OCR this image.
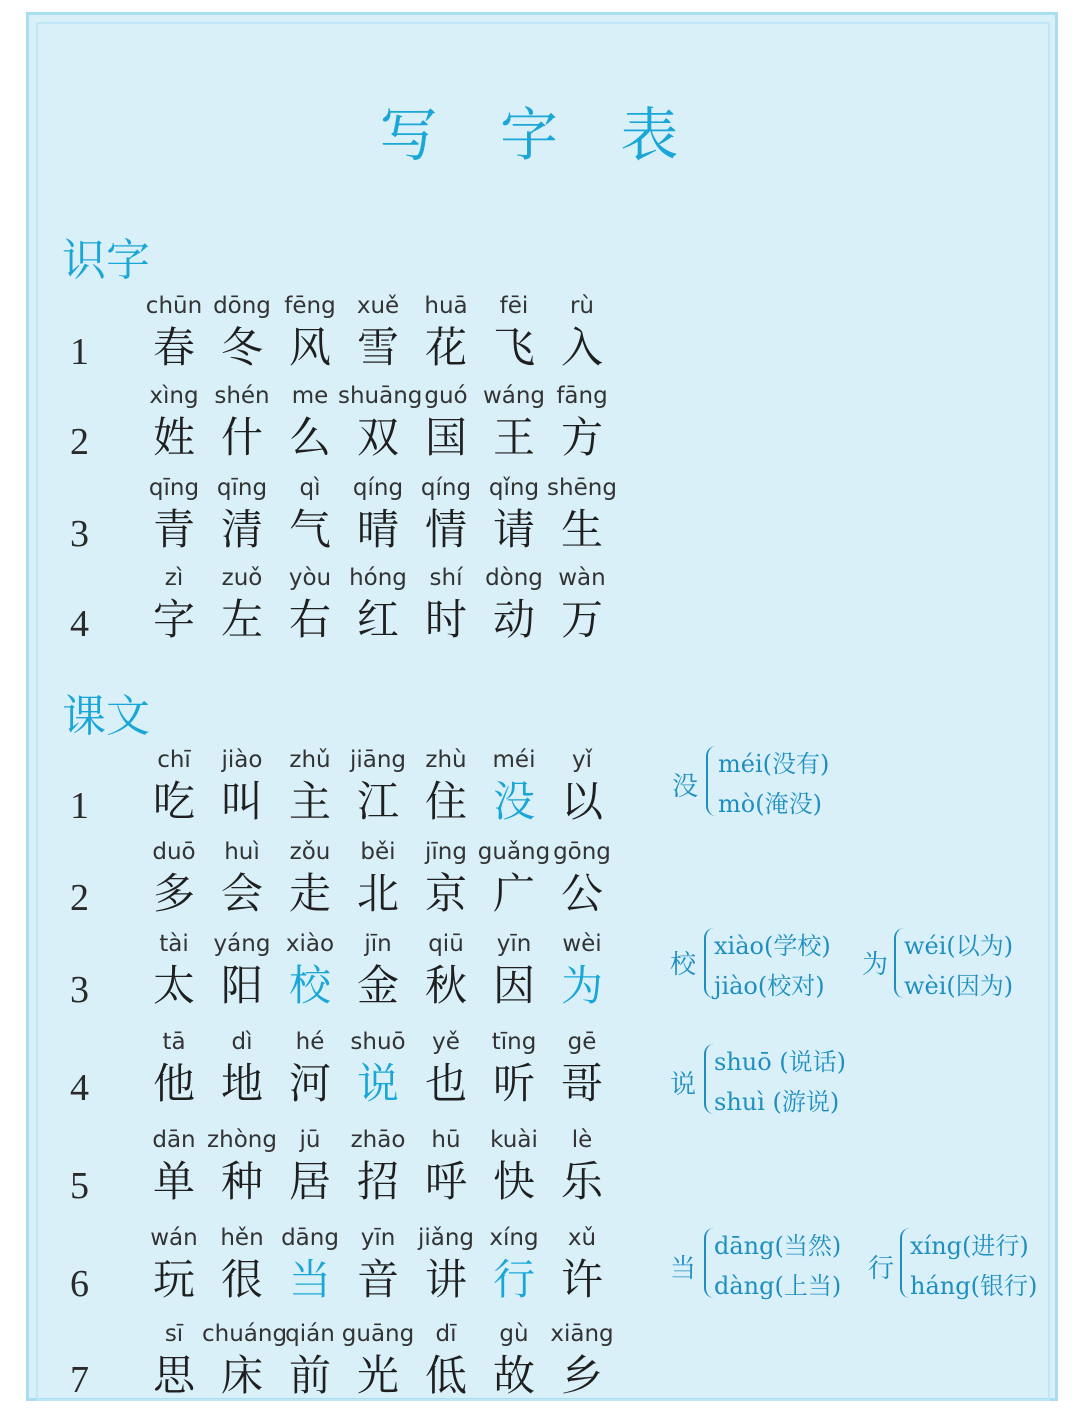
写 字 表
识字
1
chūn
春
dōng
冬
fēng
风
xuě
雪
huā
花
fēi
飞
rù
入
2
xìng
姓
shén
什
me
么
shuāng
双
guó
国
wáng
王
fāng
方
3
qīng
青
qīng
清
qì
气
qíng
晴
qíng
情
qǐng
请
shēng
生
4
zì
字
zuǒ
左
yòu
右
hóng
红
shí
时
dòng
动
wàn
万
课文
1
chī
吃
jiào
叫
zhǔ
主
jiāng
江
zhù
住
méi
没
yǐ
以
2
duō
多
huì
会
zǒu
走
běi
北
jīng
京
guǎng
广
gōng
公
3
tài
太
yáng
阳
xiào
校
jīn
金
qiū
秋
yīn
因
wèi
为
4
tā
他
dì
地
hé
河
shuō
说
yě
也
tīng
听
gē
哥
5
dān
单
zhòng
种
jū
居
zhāo
招
hū
呼
kuài
快
lè
乐
6
wán
玩
hěn
很
dāng
当
yīn
音
jiǎng
讲
xíng
行
xǔ
许
7
sī
思
chuáng
床
qián
前
guāng
光
dī
低
gù
故
xiāng
乡
没
méi(没有)
mò(淹没)
校
xiào(学校)
jiào(校对)
为
wéi(以为)
wèi(因为)
说
shuō (说话)
shuì (游说)
当
dāng(当然)
dàng(上当)
行
xíng(进行)
háng(银行)
